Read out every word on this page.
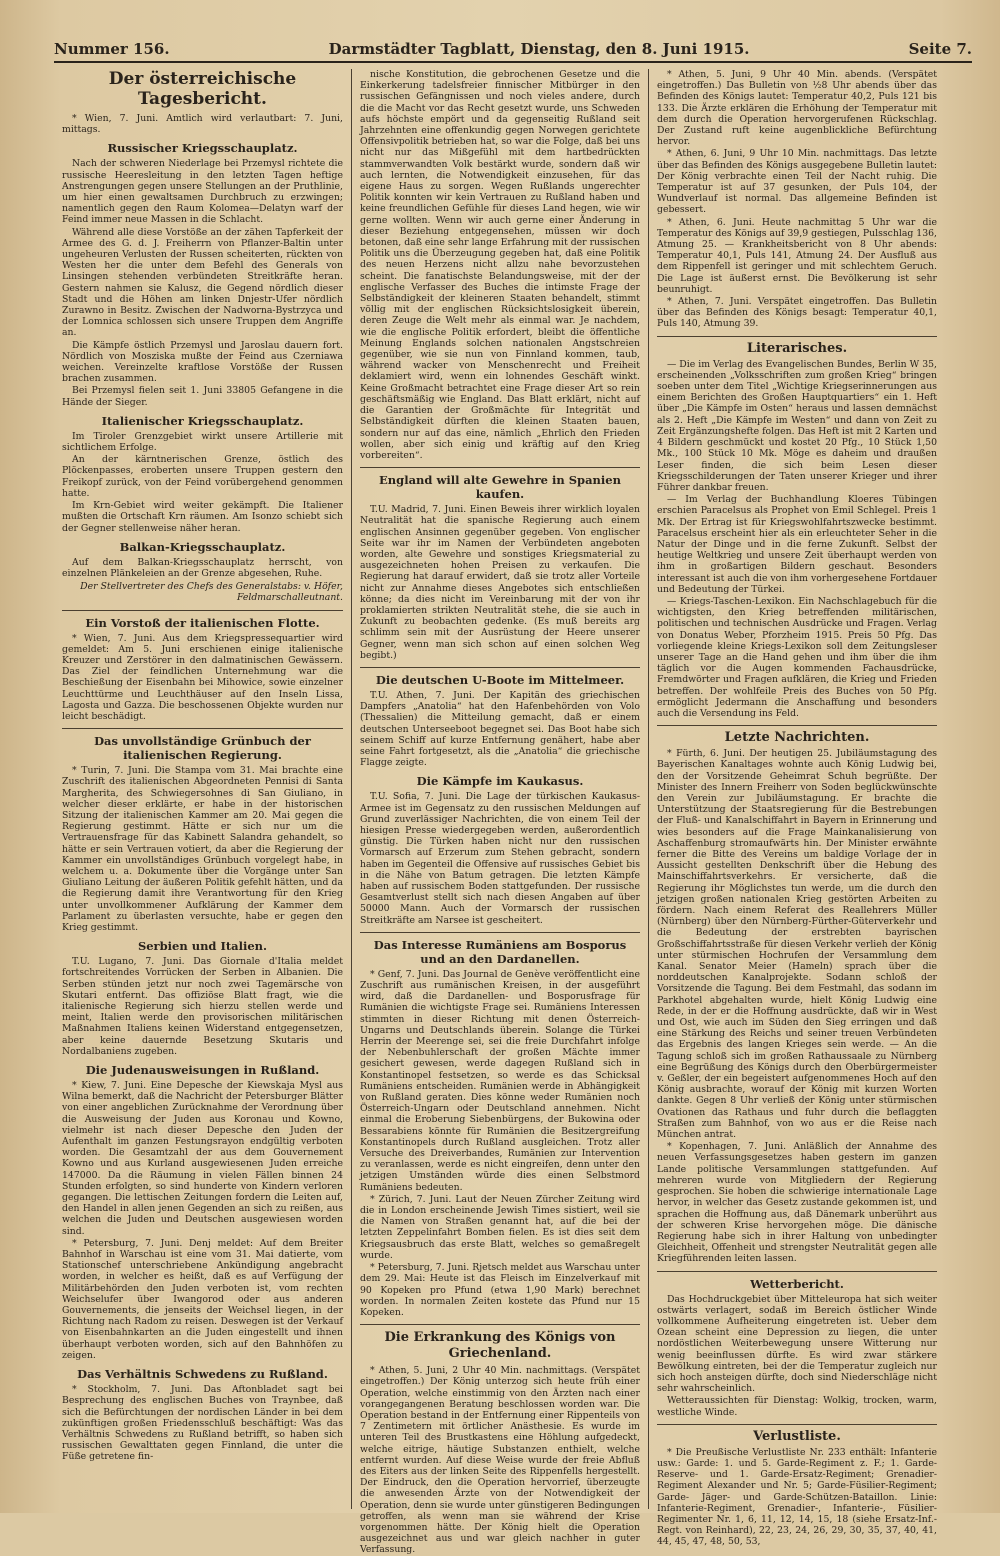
Nummer 156.	Darmstädter Tagblatt, Dienstag, den 8. Juni 1915.	Seite 7.
Der österreichische Tagesbericht.

* Wien, 7. Juni. Amtlich wird verlautbart: 7. Juni, mittags.

Russischer Kriegsschauplatz.

Nach der schweren Niederlage bei Przemysl richtete die russische Heeresleitung in den letzten Tagen heftige Anstrengungen gegen unsere Stellungen an der Pruthlinie, um hier einen gewaltsamen Durchbruch zu erzwingen; namentlich gegen den Raum Kolomea—Delatyn warf der Feind immer neue Massen in die Schlacht.

Während alle diese Vorstöße an der zähen Tapferkeit der Armee des G. d. J. Freiherrn von Pflanzer-Baltin unter ungeheuren Verlusten der Russen scheiterten, rückten von Westen her die unter dem Befehl des Generals von Linsingen stehenden verbündeten Streitkräfte heran. Gestern nahmen sie Kalusz, die Gegend nördlich dieser Stadt und die Höhen am linken Dnjestr-Ufer nördlich Zurawno in Besitz. Zwischen der Nadworna-Bystrzyca und der Lomnica schlossen sich unsere Truppen dem Angriffe an.

Die Kämpfe östlich Przemysl und Jaroslau dauern fort. Nördlich von Mosziska mußte der Feind aus Czerniawa weichen. Vereinzelte kraftlose Vorstöße der Russen brachen zusammen.

Bei Przemysl fielen seit 1. Juni 33805 Gefangene in die Hände der Sieger.

Italienischer Kriegsschauplatz.

Im Tiroler Grenzgebiet wirkt unsere Artillerie mit sichtlichem Erfolge.

An der kärntnerischen Grenze, östlich des Plöckenpasses, eroberten unsere Truppen gestern den Freikopf zurück, von der Feind vorübergehend genommen hatte.

Im Krn-Gebiet wird weiter gekämpft. Die Italiener mußten die Ortschaft Krn räumen. Am Isonzo schiebt sich der Gegner stellenweise näher heran.

Balkan-Kriegsschauplatz.

Auf dem Balkan-Kriegsschauplatz herrscht, von einzelnen Plänkeleien an der Grenze abgesehen, Ruhe.

Der Stellvertreter des Chefs des Generalstabs: v. Höfer, Feldmarschalleutnant.
Ein Vorstoß der italienischen Flotte.

* Wien, 7. Juni. Aus dem Kriegspressequartier wird gemeldet: Am 5. Juni erschienen einige italienische Kreuzer und Zerstörer in den dalmatinischen Gewässern. Das Ziel der feindlichen Unternehmung war die Beschießung der Eisenbahn bei Mihowice, sowie einzelner Leuchttürme und Leuchthäuser auf den Inseln Lissa, Lagosta und Gazza. Die beschossenen Objekte wurden nur leicht beschädigt.

Das unvollständige Grünbuch der italienischen Regierung.

* Turin, 7. Juni. Die Stampa vom 31. Mai brachte eine Zuschrift des italienischen Abgeordneten Pennisi di Santa Margherita, des Schwiegersohnes di San Giuliano, in welcher dieser erklärte, er habe in der historischen Sitzung der italienischen Kammer am 20. Mai gegen die Regierung gestimmt. Hätte er sich nur um die Vertrauensfrage für das Kabinett Salandra gehandelt, so hätte er sein Vertrauen votiert, da aber die Regierung der Kammer ein unvollständiges Grünbuch vorgelegt habe, in welchem u. a. Dokumente über die Vorgänge unter San Giuliano Leitung der äußeren Politik gefehlt hätten, und da die Regierung damit ihre Verantwortung für den Krieg unter unvollkommener Aufklärung der Kammer dem Parlament zu überlasten versuchte, habe er gegen den Krieg gestimmt.

Serbien und Italien.

T.U. Lugano, 7. Juni. Das Giornale d'Italia meldet fortschreitendes Vorrücken der Serben in Albanien. Die Serben stünden jetzt nur noch zwei Tagemärsche von Skutari entfernt. Das offiziöse Blatt fragt, wie die italienische Regierung sich hierzu stellen werde und meint, Italien werde den provisorischen militärischen Maßnahmen Italiens keinen Widerstand entgegensetzen, aber keine dauernde Besetzung Skutaris und Nordalbaniens zugeben.

Die Judenausweisungen in Rußland.

* Kiew, 7. Juni. Eine Depesche der Kiewskaja Mysl aus Wilna bemerkt, daß die Nachricht der Petersburger Blätter von einer angeblichen Zurücknahme der Verordnung über die Ausweisung der Juden aus Koronau und Kowno, vielmehr ist nach dieser Depesche den Juden der Aufenthalt im ganzen Festungsrayon endgültig verboten worden. Die Gesamtzahl der aus dem Gouvernement Kowno und aus Kurland ausgewiesenen Juden erreiche 147000. Da die Räumung in vielen Fällen binnen 24 Stunden erfolgten, so sind hunderte von Kindern verloren gegangen. Die lettischen Zeitungen fordern die Leiten auf, den Handel in allen jenen Gegenden an sich zu reißen, aus welchen die Juden und Deutschen ausgewiesen worden sind.

* Petersburg, 7. Juni. Denj meldet: Auf dem Breiter Bahnhof in Warschau ist eine vom 31. Mai datierte, vom Stationschef unterschriebene Ankündigung angebracht worden, in welcher es heißt, daß es auf Verfügung der Militärbehörden den Juden verboten ist, vom rechten Weichselufer über Iwangorod oder aus anderen Gouvernements, die jenseits der Weichsel liegen, in der Richtung nach Radom zu reisen. Deswegen ist der Verkauf von Eisenbahnkarten an die Juden eingestellt und ihnen überhaupt verboten worden, sich auf den Bahnhöfen zu zeigen.

Das Verhältnis Schwedens zu Rußland.

* Stockholm, 7. Juni. Das Aftonbladet sagt bei Besprechung des englischen Buches von Traynbee, daß sich die Befürchtungen der nordischen Länder in bei dem zukünftigen großen Friedensschluß beschäftigt: Was das Verhältnis Schwedens zu Rußland betrifft, so haben sich russischen Gewalttaten gegen Finnland, die unter die Füße getretene fin-

nische Konstitution, die gebrochenen Gesetze und die Einkerkerung tadelsfreier finnischer Mitbürger in den russischen Gefängnissen und noch vieles andere, durch die die Macht vor das Recht gesetzt wurde, uns Schweden aufs höchste empört und da gegenseitig Rußland seit Jahrzehnten eine offenkundig gegen Norwegen gerichtete Offensivpolitik betrieben hat, so war die Folge, daß bei uns nicht nur das Mißgefühl mit dem hartbedrückten stammverwandten Volk bestärkt wurde, sondern daß wir auch lernten, die Notwendigkeit einzusehen, für das eigene Haus zu sorgen. Wegen Rußlands ungerechter Politik konnten wir kein Vertrauen zu Rußland haben und keine freundlichen Gefühle für dieses Land hegen, wie wir gerne wollten. Wenn wir auch gerne einer Änderung in dieser Beziehung entgegensehen, müssen wir doch betonen, daß eine sehr lange Erfahrung mit der russischen Politik uns die Überzeugung gegeben hat, daß eine Politik des neuen Herzens nicht allzu nahe bevorzustehen scheint. Die fanatischste Belandungsweise, mit der der englische Verfasser des Buches die intimste Frage der Selbständigkeit der kleineren Staaten behandelt, stimmt völlig mit der englischen Rücksichtslosigkeit überein, deren Zeuge die Welt mehr als einmal war. Je nachdem, wie die englische Politik erfordert, bleibt die öffentliche Meinung Englands solchen nationalen Angstschreien gegenüber, wie sie nun von Finnland kommen, taub, während wacker von Menschenrecht und Freiheit deklamiert wird, wenn ein lohnendes Geschäft winkt. Keine Großmacht betrachtet eine Frage dieser Art so rein geschäftsmäßig wie England. Das Blatt erklärt, nicht auf die Garantien der Großmächte für Integrität und Selbständigkeit dürften die kleinen Staaten bauen, sondern nur auf das eine, nämlich „Ehrlich den Frieden wollen, aber sich einig und kräftig auf den Krieg vorbereiten“.

England will alte Gewehre in Spanien kaufen.

T.U. Madrid, 7. Juni. Einen Beweis ihrer wirklich loyalen Neutralität hat die spanische Regierung auch einem englischen Ansinnen gegenüber gegeben. Von englischer Seite war ihr im Namen der Verbündeten angeboten worden, alte Gewehre und sonstiges Kriegsmaterial zu ausgezeichneten hohen Preisen zu verkaufen. Die Regierung hat darauf erwidert, daß sie trotz aller Vorteile nicht zur Annahme dieses Angebotes sich entschließen könne; da dies nicht im Vereinbarung mit der von ihr proklamierten strikten Neutralität stehe, die sie auch in Zukunft zu beobachten gedenke. (Es muß bereits arg schlimm sein mit der Ausrüstung der Heere unserer Gegner, wenn man sich schon auf einen solchen Weg begibt.)

Die deutschen U-Boote im Mittelmeer.

T.U. Athen, 7. Juni. Der Kapitän des griechischen Dampfers „Anatolia“ hat den Hafenbehörden von Volo (Thessalien) die Mitteilung gemacht, daß er einem deutschen Unterseeboot begegnet sei. Das Boot habe sich seinem Schiff auf kurze Entfernung genähert, habe aber seine Fahrt fortgesetzt, als die „Anatolia“ die griechische Flagge zeigte.

Die Kämpfe im Kaukasus.

T.U. Sofia, 7. Juni. Die Lage der türkischen Kaukasus-Armee ist im Gegensatz zu den russischen Meldungen auf Grund zuverlässiger Nachrichten, die von einem Teil der hiesigen Presse wiedergegeben werden, außerordentlich günstig. Die Türken haben nicht nur den russischen Vormarsch auf Erzerum zum Stehen gebracht, sondern haben im Gegenteil die Offensive auf russisches Gebiet bis in die Nähe von Batum getragen. Die letzten Kämpfe haben auf russischem Boden stattgefunden. Der russische Gesamtverlust stellt sich nach diesen Angaben auf über 50000 Mann. Auch der Vormarsch der russischen Streitkräfte am Narsee ist gescheitert.

Das Interesse Rumäniens am Bosporus und an den Dardanellen.

* Genf, 7. Juni. Das Journal de Genève veröffentlicht eine Zuschrift aus rumänischen Kreisen, in der ausgeführt wird, daß die Dardanellen- und Bosporusfrage für Rumänien die wichtigste Frage sei. Rumäniens Interessen stimmten in dieser Richtung mit denen Österreich-Ungarns und Deutschlands überein. Solange die Türkei Herrin der Meerenge sei, sei die freie Durchfahrt infolge der Nebenbuhlerschaft der großen Mächte immer gesichert gewesen, werde dagegen Rußland sich in Konstantinopel festsetzen, so werde es das Schicksal Rumäniens entscheiden. Rumänien werde in Abhängigkeit von Rußland geraten. Dies könne weder Rumänien noch Österreich-Ungarn oder Deutschland annehmen. Nicht einmal die Eroberung Siebenbürgens, der Bukowina oder Bessarabiens könnte für Rumänien die Besitzergreifung Konstantinopels durch Rußland ausgleichen. Trotz aller Versuche des Dreiverbandes, Rumänien zur Intervention zu veranlassen, werde es nicht eingreifen, denn unter den jetzigen Umständen würde dies einen Selbstmord Rumäniens bedeuten.

* Zürich, 7. Juni. Laut der Neuen Zürcher Zeitung wird die in London erscheinende Jewish Times sistiert, weil sie die Namen von Straßen genannt hat, auf die bei der letzten Zeppelinfahrt Bomben fielen. Es ist dies seit dem Kriegsausbruch das erste Blatt, welches so gemaßregelt wurde.

* Petersburg, 7. Juni. Rjetsch meldet aus Warschau unter dem 29. Mai: Heute ist das Fleisch im Einzelverkauf mit 90 Kopeken pro Pfund (etwa 1,90 Mark) berechnet worden. In normalen Zeiten kostete das Pfund nur 15 Kopeken.

Die Erkrankung des Königs von Griechenland.

* Athen, 5. Juni, 2 Uhr 40 Min. nachmittags. (Verspätet eingetroffen.) Der König unterzog sich heute früh einer Operation, welche einstimmig von den Ärzten nach einer vorangegangenen Beratung beschlossen worden war. Die Operation bestand in der Entfernung einer Rippenteils von 7 Zentimetern mit örtlicher Anästhesie. Es wurde im unteren Teil des Brustkastens eine Höhlung aufgedeckt, welche eitrige, häutige Substanzen enthielt, welche entfernt wurden. Auf diese Weise wurde der freie Abfluß des Eiters aus der linken Seite des Rippenfells hergestellt. Der Eindruck, den die Operation hervorrief, überzeugte die anwesenden Ärzte von der Notwendigkeit der Operation, denn sie wurde unter günstigeren Bedingungen getroffen, als wenn man sie während der Krise vorgenommen hätte. Der König hielt die Operation ausgezeichnet aus und war gleich nachher in guter Verfassung.

* Athen, 5. Juni, 9 Uhr 40 Min. abends. (Verspätet eingetroffen.) Das Bulletin von ½8 Uhr abends über das Befinden des Königs lautet: Temperatur 40,2, Puls 121 bis 133. Die Ärzte erklären die Erhöhung der Temperatur mit dem durch die Operation hervorgerufenen Rückschlag. Der Zustand ruft keine augenblickliche Befürchtung hervor.

* Athen, 6. Juni, 9 Uhr 10 Min. nachmittags. Das letzte über das Befinden des Königs ausgegebene Bulletin lautet: Der König verbrachte einen Teil der Nacht ruhig. Die Temperatur ist auf 37 gesunken, der Puls 104, der Wundverlauf ist normal. Das allgemeine Befinden ist gebessert.

* Athen, 6. Juni. Heute nachmittag 5 Uhr war die Temperatur des Königs auf 39,9 gestiegen, Pulsschlag 136, Atmung 25. — Krankheitsbericht von 8 Uhr abends: Temperatur 40,1, Puls 141, Atmung 24. Der Ausfluß aus dem Rippenfell ist geringer und mit schlechtem Geruch. Die Lage ist äußerst ernst. Die Bevölkerung ist sehr beunruhigt.

* Athen, 7. Juni. Verspätet eingetroffen. Das Bulletin über das Befinden des Königs besagt: Temperatur 40,1, Puls 140, Atmung 39.

Literarisches.

— Die im Verlag des Evangelischen Bundes, Berlin W 35, erscheinenden „Volksschriften zum großen Krieg“ bringen soeben unter dem Titel „Wichtige Kriegserinnerungen aus einem Berichten des Großen Hauptquartiers“ ein 1. Heft über „Die Kämpfe im Osten“ heraus und lassen demnächst als 2. Heft „Die Kämpfe im Westen“ und dann von Zeit zu Zeit Ergänzungshefte folgen. Das Heft ist mit 2 Karten und 4 Bildern geschmückt und kostet 20 Pfg., 10 Stück 1,50 Mk., 100 Stück 10 Mk. Möge es daheim und draußen Leser finden, die sich beim Lesen dieser Kriegsschilderungen der Taten unserer Krieger und ihrer Führer dankbar freuen.

— Im Verlag der Buchhandlung Kloeres Tübingen erschien Paracelsus als Prophet von Emil Schlegel. Preis 1 Mk. Der Ertrag ist für Kriegswohlfahrtszwecke bestimmt. Paracelsus erscheint hier als ein erleuchteter Seher in die Natur der Dinge und in die ferne Zukunft. Selbst der heutige Weltkrieg und unsere Zeit überhaupt werden von ihm in großartigen Bildern geschaut. Besonders interessant ist auch die von ihm vorhergesehene Fortdauer und Bedeutung der Türkei.

— Kriegs-Taschen-Lexikon. Ein Nachschlagebuch für die wichtigsten, den Krieg betreffenden militärischen, politischen und technischen Ausdrücke und Fragen. Verlag von Donatus Weber, Pforzheim 1915. Preis 50 Pfg. Das vorliegende kleine Kriegs-Lexikon soll dem Zeitungsleser unserer Tage an die Hand gehen und ihm über die ihm täglich vor die Augen kommenden Fachausdrücke, Fremdwörter und Fragen aufklären, die Krieg und Frieden betreffen. Der wohlfeile Preis des Buches von 50 Pfg. ermöglicht Jedermann die Anschaffung und besonders auch die Versendung ins Feld.

Letzte Nachrichten.

* Fürth, 6. Juni. Der heutigen 25. Jubiläumstagung des Bayerischen Kanaltages wohnte auch König Ludwig bei, den der Vorsitzende Geheimrat Schuh begrüßte. Der Minister des Innern Freiherr von Soden beglückwünschte den Verein zur Jubiläumstagung. Er brachte die Unterstützung der Staatsregierung für die Bestrebungen der Fluß- und Kanalschiffahrt in Bayern in Erinnerung und wies besonders auf die Frage Mainkanalisierung von Aschaffenburg stromaufwärts hin. Der Minister erwähnte ferner die Bitte des Vereins um baldige Vorlage der in Aussicht gestellten Denkschrift über die Hebung des Mainschiffahrtsverkehrs. Er versicherte, daß die Regierung ihr Möglichstes tun werde, um die durch den jetzigen großen nationalen Krieg gestörten Arbeiten zu fördern. Nach einem Referat des Reallehrers Müller (Nürnberg) über den Nürnberg-Fürther-Güterverkehr und die Bedeutung der erstrebten bayrischen Großschiffahrtsstraße für diesen Verkehr verlieh der König unter stürmischen Hochrufen der Versammlung dem Kanal. Senator Meier (Hameln) sprach über die norddeutschen Kanalprojekte. Sodann schloß der Vorsitzende die Tagung. Bei dem Festmahl, das sodann im Parkhotel abgehalten wurde, hielt König Ludwig eine Rede, in der er die Hoffnung ausdrückte, daß wir in West und Ost, wie auch im Süden den Sieg erringen und daß eine Stärkung des Reichs und seiner treuen Verbündeten das Ergebnis des langen Krieges sein werde. — An die Tagung schloß sich im großen Rathaussaale zu Nürnberg eine Begrüßung des Königs durch den Oberbürgermeister v. Geßler, der ein begeistert aufgenommenes Hoch auf den König ausbrachte, worauf der König mit kurzen Worten dankte. Gegen 8 Uhr verließ der König unter stürmischen Ovationen das Rathaus und fuhr durch die beflaggten Straßen zum Bahnhof, von wo aus er die Reise nach München antrat.

* Kopenhagen, 7. Juni. Anläßlich der Annahme des neuen Verfassungsgesetzes haben gestern im ganzen Lande politische Versammlungen stattgefunden. Auf mehreren wurde von Mitgliedern der Regierung gesprochen. Sie hoben die schwierige internationale Lage hervor, in welcher das Gesetz zustande gekommen ist, und sprachen die Hoffnung aus, daß Dänemark unberührt aus der schweren Krise hervorgehen möge. Die dänische Regierung habe sich in ihrer Haltung von unbedingter Gleichheit, Offenheit und strengster Neutralität gegen alle Kriegführenden leiten lassen.

Wetterbericht.

Das Hochdruckgebiet über Mitteleuropa hat sich weiter ostwärts verlagert, sodaß im Bereich östlicher Winde vollkommene Aufheiterung eingetreten ist. Ueber dem Ozean scheint eine Depression zu liegen, die unter nordöstlichen Weiterbewegung unsere Witterung nur wenig beeinflussen dürfte. Es wird zwar stärkere Bewölkung eintreten, bei der die Temperatur zugleich nur sich hoch ansteigen dürfte, doch sind Niederschläge nicht sehr wahrscheinlich.

Wetteraussichten für Dienstag: Wolkig, trocken, warm, westliche Winde.

Verlustliste.

* Die Preußische Verlustliste Nr. 233 enthält: Infanterie usw.: Garde: 1. und 5. Garde-Regiment z. F.; 1. Garde-Reserve- und 1. Garde-Ersatz-Regiment; Grenadier-Regiment Alexander und Nr. 5; Garde-Füsilier-Regiment; Garde- Jäger- und Garde-Schützen-Bataillon. Linie: Infanterie-Regiment, Grenadier-, Infanterie-, Füsilier-Regimenter Nr. 1, 6, 11, 12, 14, 15, 18 (siehe Ersatz-Inf.-Regt. von Reinhard), 22, 23, 24, 26, 29, 30, 35, 37, 40, 41, 44, 45, 47, 48, 50, 53,
